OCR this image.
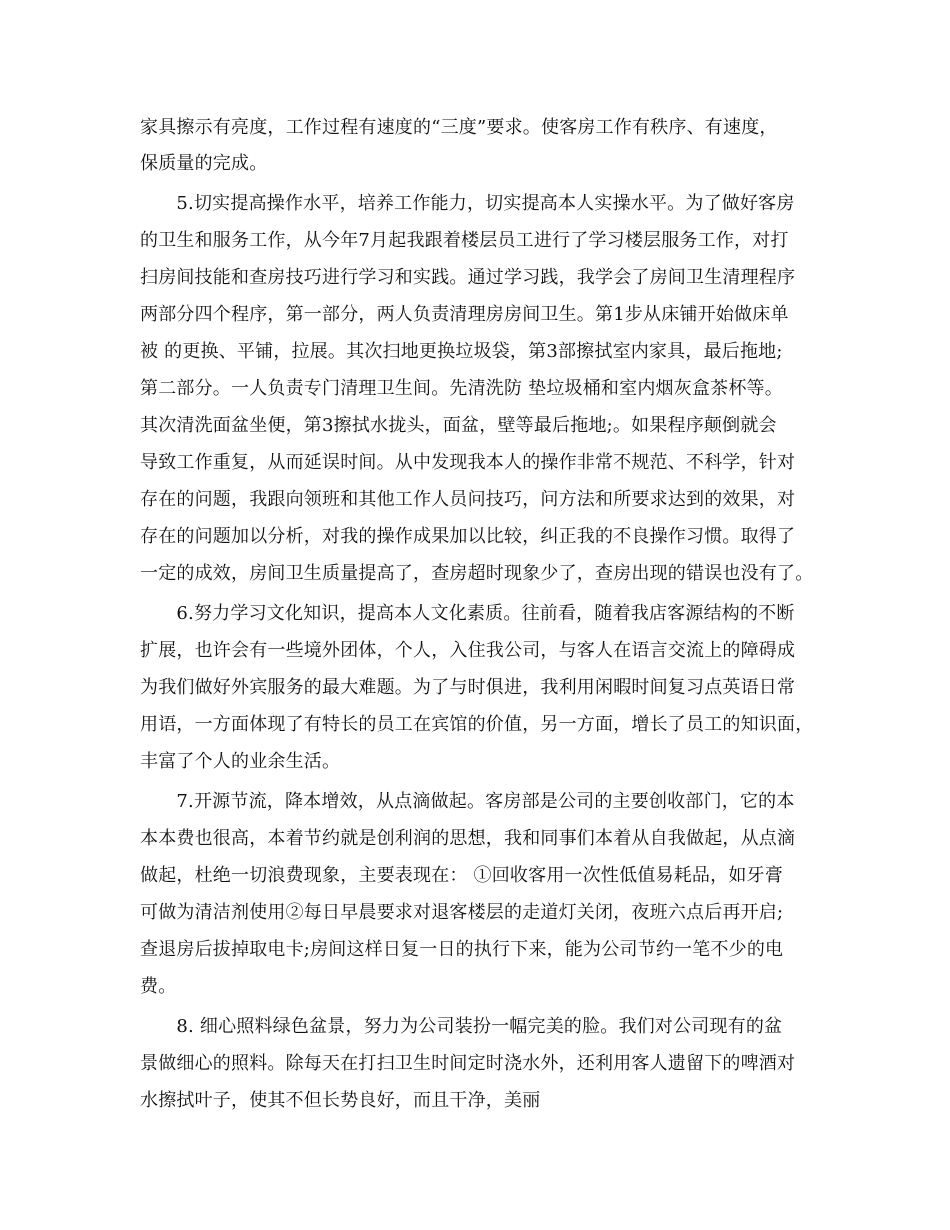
家具擦示有亮度，工作过程有速度的“三度”要求。使客房工作有秩序、有速度，
保质量的完成。
　　5.切实提高操作水平，培养工作能力，切实提高本人实操水平。为了做好客房
的卫生和服务工作，从今年7月起我跟着楼层员工进行了学习楼层服务工作，对打
扫房间技能和查房技巧进行学习和实践。通过学习践，我学会了房间卫生清理程序
两部分四个程序，第一部分，两人负责清理房房间卫生。第1步从床铺开始做床单
被 的更换、平铺，拉展。其次扫地更换垃圾袋，第3部擦拭室内家具，最后拖地;
第二部分。一人负责专门清理卫生间。先清洗防 垫垃圾桶和室内烟灰盒茶杯等。
其次清洗面盆坐便，第3擦拭水拢头，面盆，壁等最后拖地;。如果程序颠倒就会
导致工作重复，从而延误时间。从中发现我本人的操作非常不规范、不科学，针对
存在的问题，我跟向领班和其他工作人员问技巧，问方法和所要求达到的效果，对
存在的问题加以分析，对我的操作成果加以比较，纠正我的不良操作习惯。取得了
一定的成效，房间卫生质量提高了，查房超时现象少了，查房出现的错误也没有了。
　　6.努力学习文化知识，提高本人文化素质。往前看，随着我店客源结构的不断
扩展，也许会有一些境外团体，个人，入住我公司，与客人在语言交流上的障碍成
为我们做好外宾服务的最大难题。为了与时俱进，我利用闲暇时间复习点英语日常
用语，一方面体现了有特长的员工在宾馆的价值，另一方面，增长了员工的知识面，
丰富了个人的业余生活。
　　7.开源节流，降本增效，从点滴做起。客房部是公司的主要创收部门，它的本
本本费也很高，本着节约就是创利润的思想，我和同事们本着从自我做起，从点滴
做起，杜绝一切浪费现象，主要表现在： ①回收客用一次性低值易耗品，如牙膏
可做为清洁剂使用②每日早晨要求对退客楼层的走道灯关闭，夜班六点后再开启;
查退房后拔掉取电卡;房间这样日复一日的执行下来，能为公司节约一笔不少的电
费。
　　8. 细心照料绿色盆景，努力为公司装扮一幅完美的脸。我们对公司现有的盆
景做细心的照料。除每天在打扫卫生时间定时浇水外，还利用客人遗留下的啤酒对
水擦拭叶子，使其不但长势良好，而且干净，美丽
